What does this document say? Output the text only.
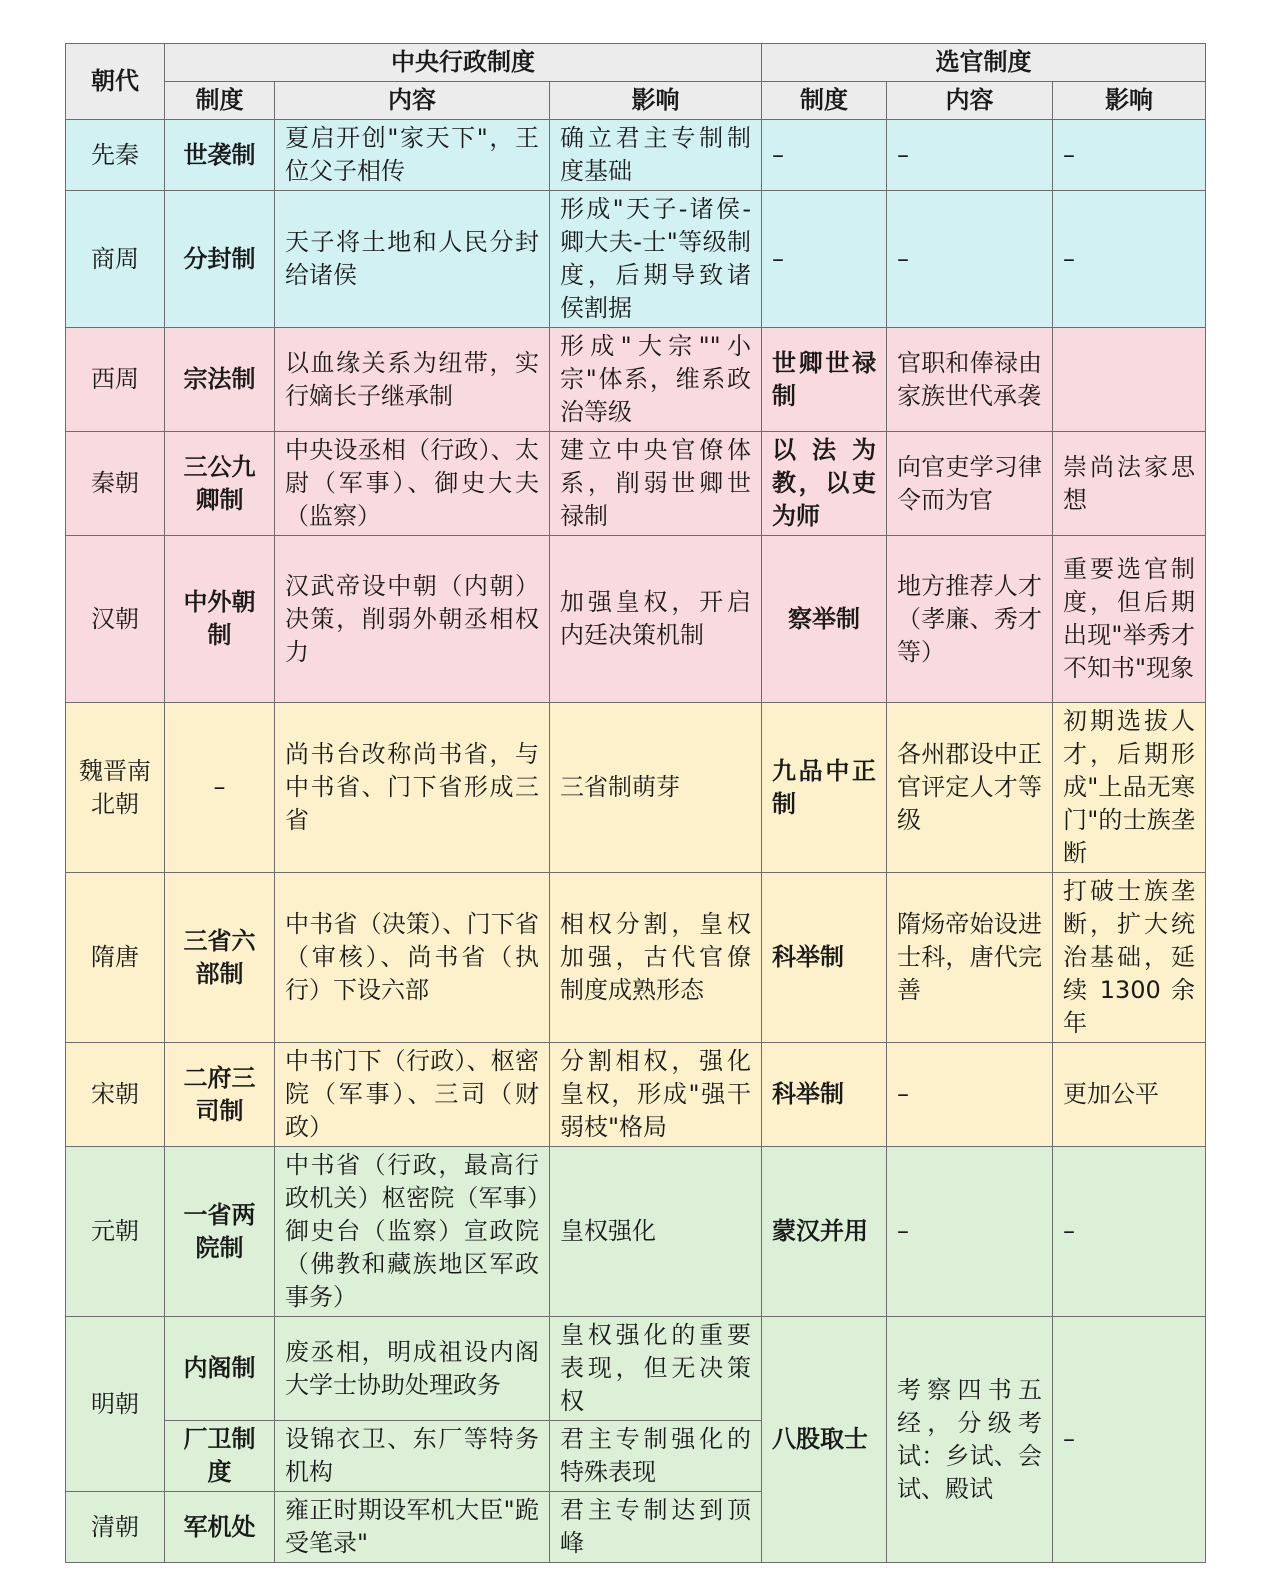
朝代	中央行政制度			选官制度		
	制度	内容	影响	制度	内容	影响
先秦	世袭制	夏启开创"家天下"，王位父子相传	确立君主专制制度基础	–	–	–
商周	分封制	天子将土地和人民分封给诸侯	形成"天子-诸侯-卿大夫-士"等级制度，后期导致诸侯割据	–	–	–
西周	宗法制	以血缘关系为纽带，实行嫡长子继承制	形成"大宗""小宗"体系，维系政治等级	世卿世禄制	官职和俸禄由家族世代承袭	
秦朝	三公九卿制	中央设丞相（行政）、太尉（军事）、御史大夫（监察）	建立中央官僚体系，削弱世卿世禄制	以法为教，以吏为师	向官吏学习律令而为官	崇尚法家思想
汉朝	中外朝制	汉武帝设中朝（内朝）决策，削弱外朝丞相权力	加强皇权，开启内廷决策机制	察举制	地方推荐人才（孝廉、秀才等）	重要选官制度，但后期出现"举秀才不知书"现象
魏晋南北朝	–	尚书台改称尚书省，与中书省、门下省形成三省	三省制萌芽	九品中正制	各州郡设中正官评定人才等级	初期选拔人才，后期形成"上品无寒门"的士族垄断
隋唐	三省六部制	中书省（决策）、门下省（审核）、尚书省（执行）下设六部	相权分割，皇权加强，古代官僚制度成熟形态	科举制	隋炀帝始设进士科，唐代完善	打破士族垄断，扩大统治基础，延续 1300 余年
宋朝	二府三司制	中书门下（行政）、枢密院（军事）、三司（财政）	分割相权，强化皇权，形成"强干弱枝"格局	科举制	–	更加公平
元朝	一省两院制	中书省（行政，最高行政机关）枢密院（军事）御史台（监察）宣政院（佛教和藏族地区军政事务）	皇权强化	蒙汉并用	–	–
明朝	内阁制	废丞相，明成祖设内阁大学士协助处理政务	皇权强化的重要表现，但无决策权	八股取士	考察四书五经，分级考试：乡试、会试、殿试	–
	厂卫制度	设锦衣卫、东厂等特务机构	君主专制强化的特殊表现			
清朝	军机处	雍正时期设军机大臣"跪受笔录"	君主专制达到顶峰			
